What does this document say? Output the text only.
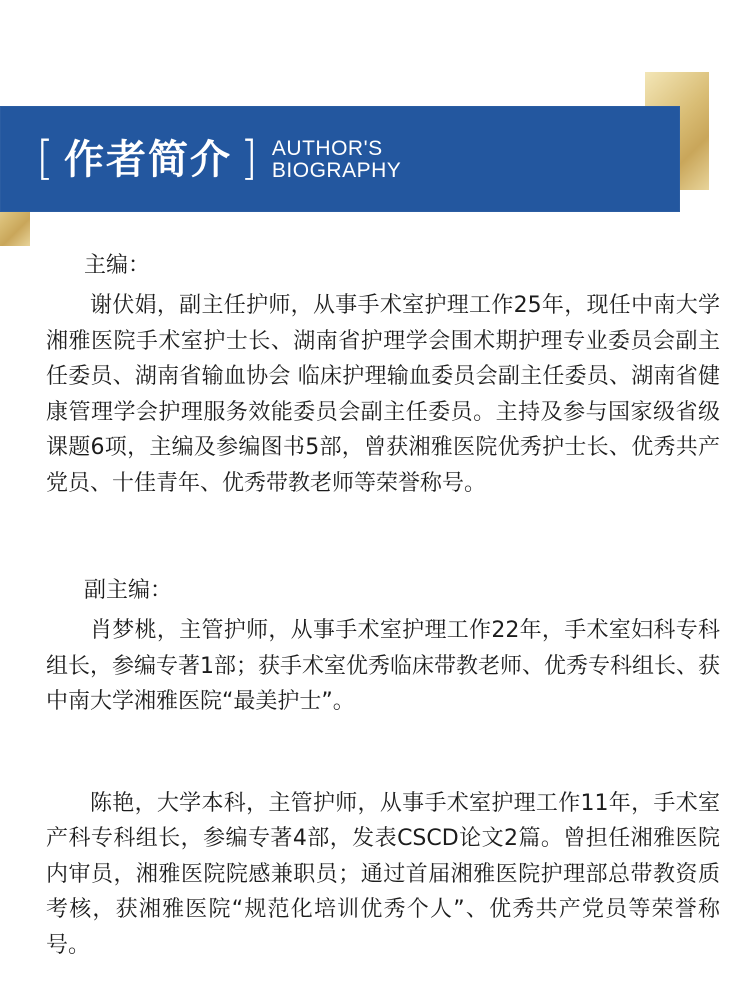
[ 作者简介 ] AUTHOR'S
BIOGRAPHY

主编：

谢伏娟，副主任护师，从事手术室护理工作25年，现任中南大学湘雅医院手术室护士长、湖南省护理学会围术期护理专业委员会副主任委员、湖南省输血协会 临床护理输血委员会副主任委员、湖南省健康管理学会护理服务效能委员会副主任委员。主持及参与国家级省级课题6项，主编及参编图书5部，曾获湘雅医院优秀护士长、优秀共产党员、十佳青年、优秀带教老师等荣誉称号。

副主编：

肖梦桃，主管护师，从事手术室护理工作22年，手术室妇科专科组长，参编专著1部；获手术室优秀临床带教老师、优秀专科组长、获中南大学湘雅医院“最美护士”。

陈艳，大学本科，主管护师，从事手术室护理工作11年，手术室产科专科组长，参编专著4部，发表CSCD论文2篇。曾担任湘雅医院内审员，湘雅医院院感兼职员；通过首届湘雅医院护理部总带教资质考核，获湘雅医院“规范化培训优秀个人”、优秀共产党员等荣誉称号。
